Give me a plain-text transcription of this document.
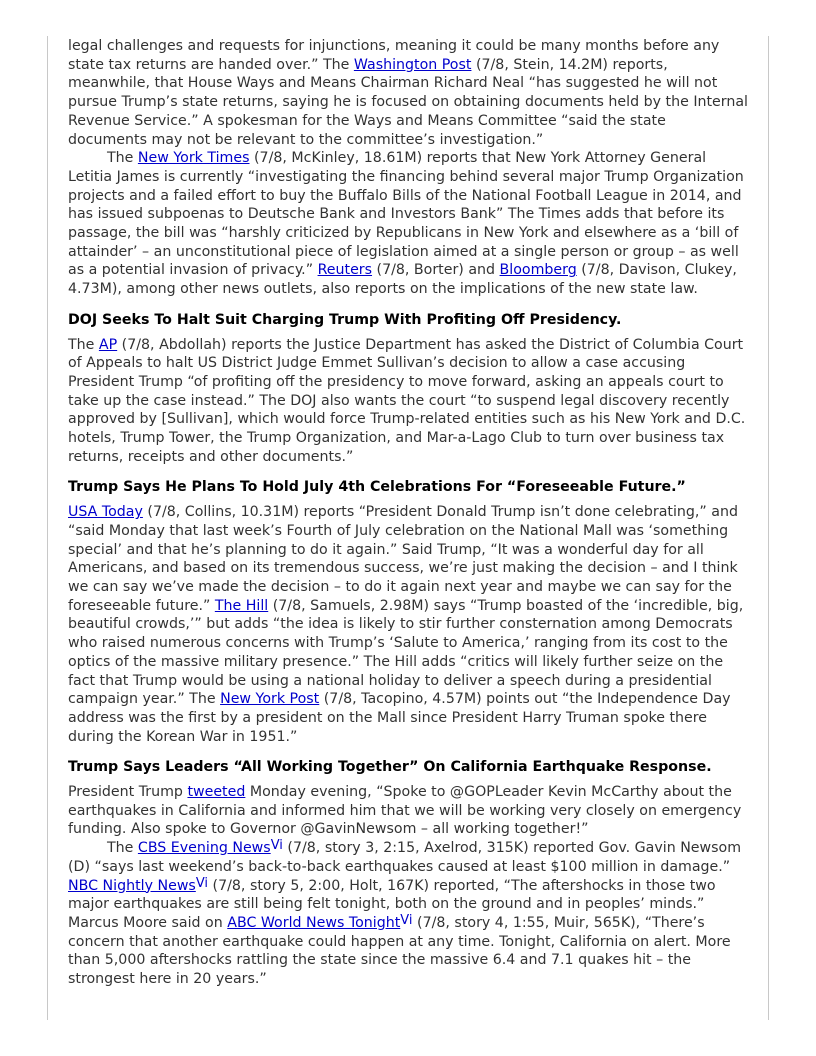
legal challenges and requests for injunctions, meaning it could be many months before any state tax returns are handed over.” The Washington Post (7/8, Stein, 14.2M) reports, meanwhile, that House Ways and Means Chairman Richard Neal “has suggested he will not pursue Trump’s state returns, saying he is focused on obtaining documents held by the Internal Revenue Service.” A spokesman for the Ways and Means Committee “said the state documents may not be relevant to the committee’s investigation.”

The New York Times (7/8, McKinley, 18.61M) reports that New York Attorney General Letitia James is currently “investigating the financing behind several major Trump Organization projects and a failed effort to buy the Buffalo Bills of the National Football League in 2014, and has issued subpoenas to Deutsche Bank and Investors Bank” The Times adds that before its passage, the bill was “harshly criticized by Republicans in New York and elsewhere as a ‘bill of attainder’ – an unconstitutional piece of legislation aimed at a single person or group – as well as a potential invasion of privacy.” Reuters (7/8, Borter) and Bloomberg (7/8, Davison, Clukey, 4.73M), among other news outlets, also reports on the implications of the new state law.

DOJ Seeks To Halt Suit Charging Trump With Profiting Off Presidency.

The AP (7/8, Abdollah) reports the Justice Department has asked the District of Columbia Court of Appeals to halt US District Judge Emmet Sullivan’s decision to allow a case accusing President Trump “of profiting off the presidency to move forward, asking an appeals court to take up the case instead.” The DOJ also wants the court “to suspend legal discovery recently approved by [Sullivan], which would force Trump-related entities such as his New York and D.C. hotels, Trump Tower, the Trump Organization, and Mar-a-Lago Club to turn over business tax returns, receipts and other documents.”

Trump Says He Plans To Hold July 4th Celebrations For “Foreseeable Future.”

USA Today (7/8, Collins, 10.31M) reports “President Donald Trump isn’t done celebrating,” and “said Monday that last week’s Fourth of July celebration on the National Mall was ‘something special’ and that he’s planning to do it again.” Said Trump, “It was a wonderful day for all Americans, and based on its tremendous success, we’re just making the decision – and I think we can say we’ve made the decision – to do it again next year and maybe we can say for the foreseeable future.” The Hill (7/8, Samuels, 2.98M) says “Trump boasted of the ‘incredible, big, beautiful crowds,’” but adds “the idea is likely to stir further consternation among Democrats who raised numerous concerns with Trump’s ‘Salute to America,’ ranging from its cost to the optics of the massive military presence.” The Hill adds “critics will likely further seize on the fact that Trump would be using a national holiday to deliver a speech during a presidential campaign year.” The New York Post (7/8, Tacopino, 4.57M) points out “the Independence Day address was the first by a president on the Mall since President Harry Truman spoke there during the Korean War in 1951.”

Trump Says Leaders “All Working Together” On California Earthquake Response.

President Trump tweeted Monday evening, “Spoke to @GOPLeader Kevin McCarthy about the earthquakes in California and informed him that we will be working very closely on emergency funding. Also spoke to Governor @GavinNewsom – all working together!”

The CBS Evening News$^{Vi}$ (7/8, story 3, 2:15, Axelrod, 315K) reported Gov. Gavin Newsom (D) “says last weekend’s back-to-back earthquakes caused at least $100 million in damage.” NBC Nightly News$^{Vi}$ (7/8, story 5, 2:00, Holt, 167K) reported, “The aftershocks in those two major earthquakes are still being felt tonight, both on the ground and in peoples’ minds.” Marcus Moore said on ABC World News Tonight$^{Vi}$ (7/8, story 4, 1:55, Muir, 565K), “There’s concern that another earthquake could happen at any time. Tonight, California on alert. More than 5,000 aftershocks rattling the state since the massive 6.4 and 7.1 quakes hit – the strongest here in 20 years.”
